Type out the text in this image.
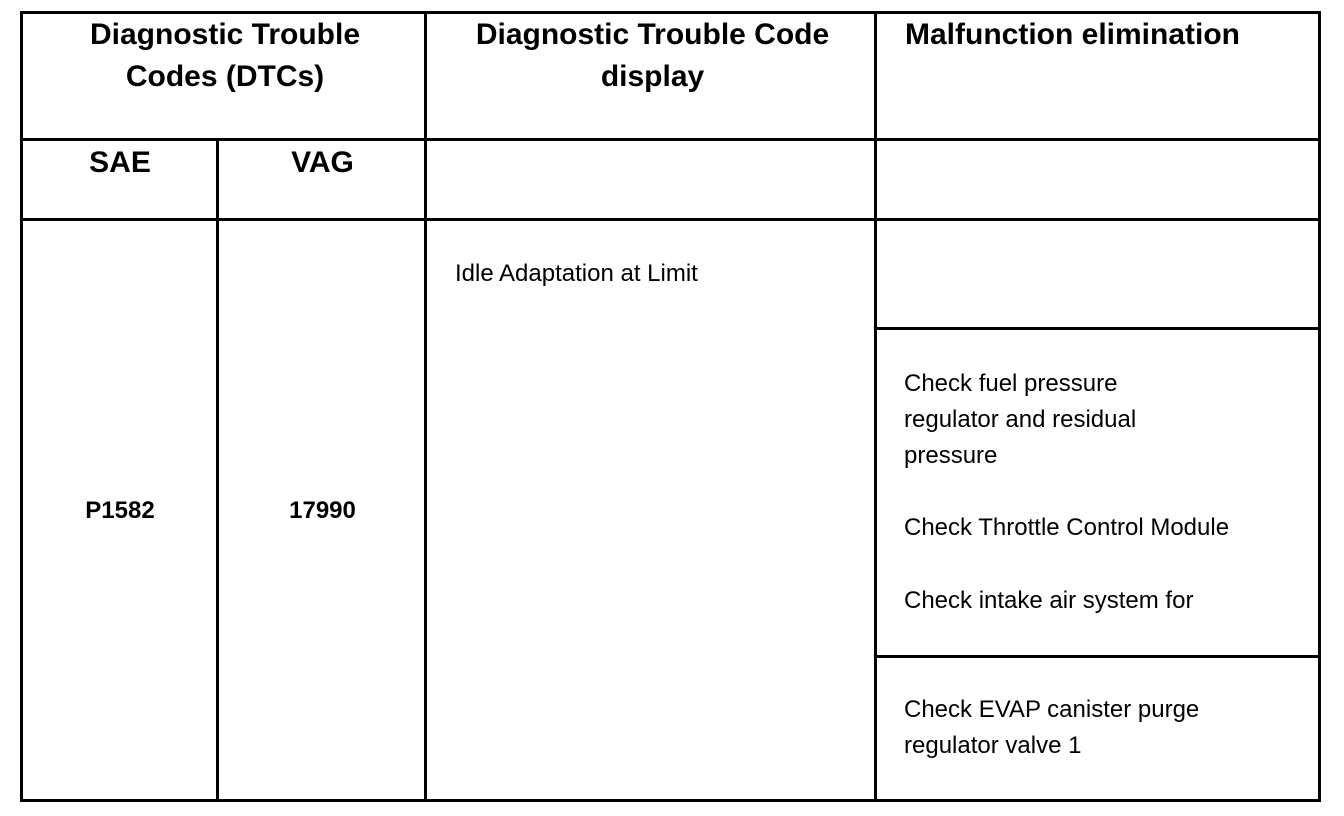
Diagnostic Trouble Codes (DTCs)
Diagnostic Trouble Code display
Malfunction elimination
SAE	VAG
P1582	17990
Idle Adaptation at Limit
Check fuel pressure regulator and residual pressure
Check Throttle Control Module
Check intake air system for
Check EVAP canister purge regulator valve 1
